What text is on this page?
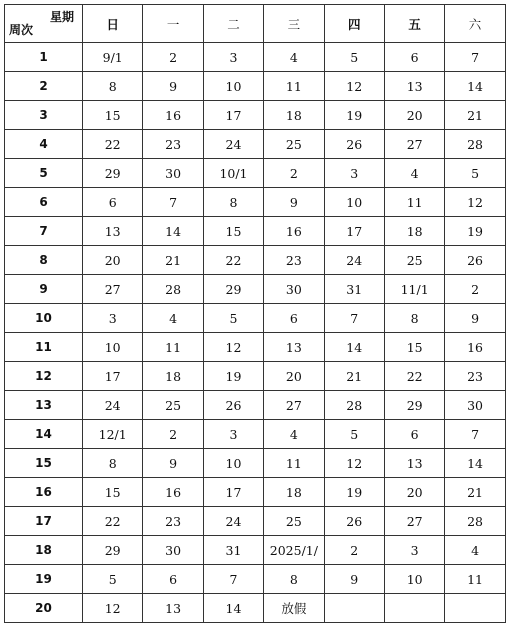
星期
周次	日	一	二	三	四	五	六
1	9/1	2	3	4	5	6	7
2	8	9	10	11	12	13	14
3	15	16	17	18	19	20	21
4	22	23	24	25	26	27	28
5	29	30	10/1	2	3	4	5
6	6	7	8	9	10	11	12
7	13	14	15	16	17	18	19
8	20	21	22	23	24	25	26
9	27	28	29	30	31	11/1	2
10	3	4	5	6	7	8	9
11	10	11	12	13	14	15	16
12	17	18	19	20	21	22	23
13	24	25	26	27	28	29	30
14	12/1	2	3	4	5	6	7
15	8	9	10	11	12	13	14
16	15	16	17	18	19	20	21
17	22	23	24	25	26	27	28
18	29	30	31	2025/1/	2	3	4
19	5	6	7	8	9	10	11
20	12	13	14	放假			
